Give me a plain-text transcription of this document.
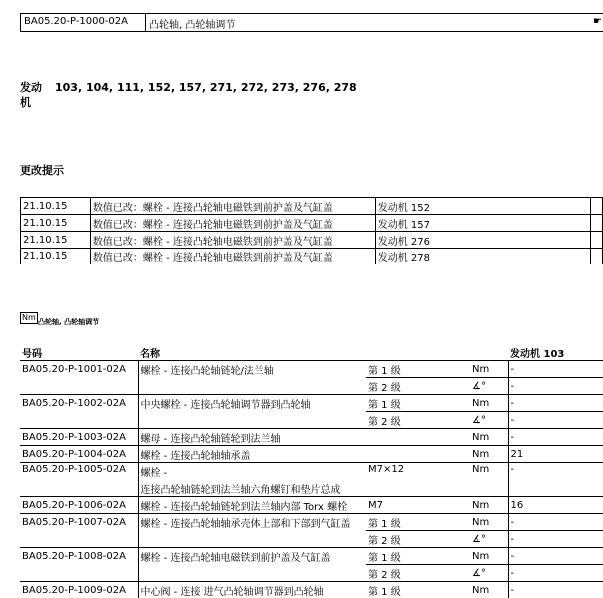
BA05.20-P-1000-02A 凸轮轴, 凸轮轴调节	☛
发动机
103, 104, 111, 152, 157, 271, 272, 273, 276, 278
更改提示
21.10.15	数值已改：螺栓 - 连接凸轮轴电磁铁到前护盖及气缸盖	发动机 152	
21.10.15	数值已改：螺栓 - 连接凸轮轴电磁铁到前护盖及气缸盖	发动机 157	
21.10.15	数值已改：螺栓 - 连接凸轮轴电磁铁到前护盖及气缸盖	发动机 276	
21.10.15	数值已改：螺栓 - 连接凸轮轴电磁铁到前护盖及气缸盖	发动机 278	
Nm 凸轮轴, 凸轮轴调节
号码	名称			发动机 103
BA05.20-P-1001-02A	螺栓 - 连接凸轮轴链轮/法兰轴	第 1 级	Nm	-
		第 2 级	∡°	-
BA05.20-P-1002-02A	中央螺栓 - 连接凸轮轴调节器到凸轮轴	第 1 级	Nm	-
		第 2 级	∡°	-
BA05.20-P-1003-02A	螺母 - 连接凸轮轴链轮到法兰轴		Nm	-
BA05.20-P-1004-02A	螺栓 - 连接凸轮轴轴承盖		Nm	21
BA05.20-P-1005-02A	螺栓 -
连接凸轮轴链轮到法兰轴六角螺钉和垫片总成	M7×12	Nm	-
BA05.20-P-1006-02A	螺栓 - 连接凸轮轴链轮到法兰轴内部 Torx 螺栓	M7	Nm	16
BA05.20-P-1007-02A	螺栓 - 连接凸轮轴轴承壳体上部和下部到气缸盖	第 1 级	Nm	-
		第 2 级	∡°	-
BA05.20-P-1008-02A	螺栓 - 连接凸轮轴电磁铁到前护盖及气缸盖	第 1 级	Nm	-
		第 2 级	∡°	-
BA05.20-P-1009-02A	中心阀 - 连接 进气凸轮轴调节器到凸轮轴	第 1 级	Nm	-
